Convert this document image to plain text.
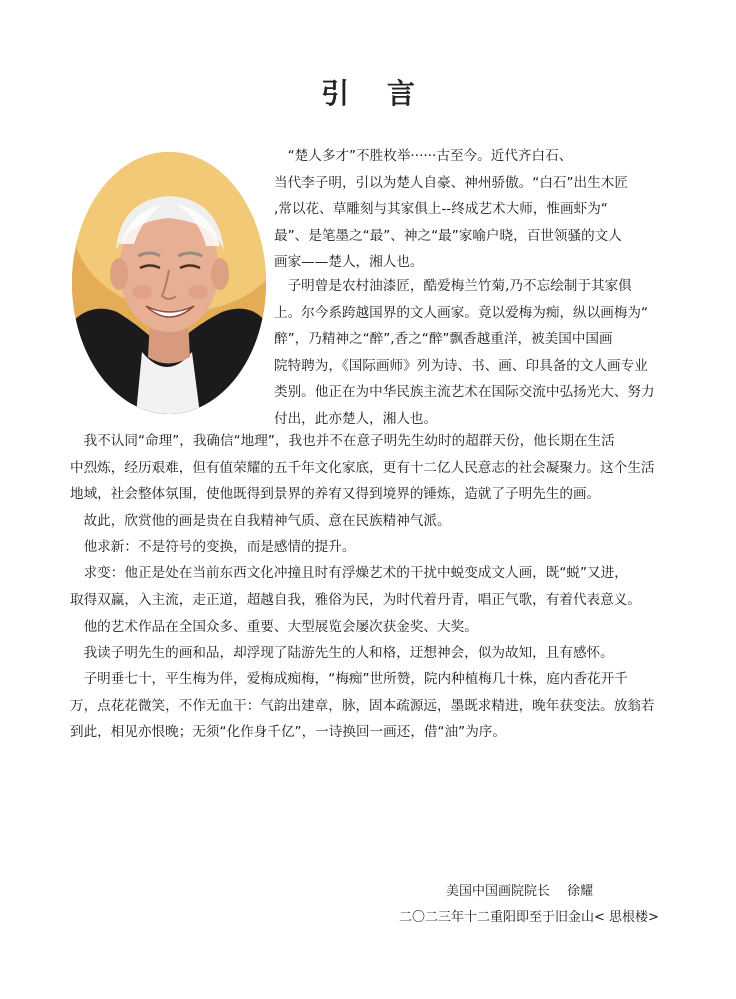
引 言
　“楚人多才”不胜枚举······古至今。近代齐白石、
当代李子明，引以为楚人自豪、神州骄傲。“白石”出生木匠
,常以花、草雕刻与其家俱上--终成艺术大师，惟画虾为“
最”、是笔墨之“最”、神之“最”家喻户晓，百世领骚的文人
画家——楚人，湘人也。
　子明曾是农村油漆匠，酷爱梅兰竹菊,乃不忘绘制于其家俱
上。尔今系跨越国界的文人画家。竟以爱梅为痴，纵以画梅为“
醉”，乃精神之“醉”,香之“醉”飘香越重洋，被美国中国画
院特聘为，《国际画师》列为诗、书、画、印具备的文人画专业
类别。他正在为中华民族主流艺术在国际交流中弘扬光大、努力
付出，此亦楚人，湘人也。
　我不认同“命理”，我确信“地理”，我也并不在意子明先生幼时的超群天份，他长期在生活
中烈炼，经历艰难，但有值荣耀的五千年文化家底，更有十二亿人民意志的社会凝聚力。这个生活
地域，社会整体氛围，使他既得到景界的养宥又得到境界的锤炼，造就了子明先生的画。
　故此，欣赏他的画是贵在自我精神气质、意在民族精神气派。
　他求新：不是符号的变换，而是感情的提升。
　求变：他正是处在当前东西文化冲撞且时有浮燥艺术的干扰中蜕变成文人画，既“蜕”又进，
取得双赢，入主流，走正道，超越自我，雅俗为民，为时代着丹青，唱正气歌，有着代表意义。
　他的艺术作品在全国众多、重要、大型展览会屡次获金奖、大奖。
　我读子明先生的画和品，却浮现了陆游先生的人和格，迂想神会，似为故知，且有感怀。
　子明垂七十，平生梅为伴，爱梅成痴梅，“梅痴”世所赞，院内种植梅几十株，庭内香花开千
万，点花花微笑，不作无血干：气韵出建章，脉，固本疏源远，墨既求精进，晚年获变法。放翁若
到此，相见亦恨晚；无须“化作身千亿”，一诗换回一画还，借“油”为序。
美国中国画院院长　 徐耀
二〇二三年十二重阳即至于旧金山< 思根楼>
